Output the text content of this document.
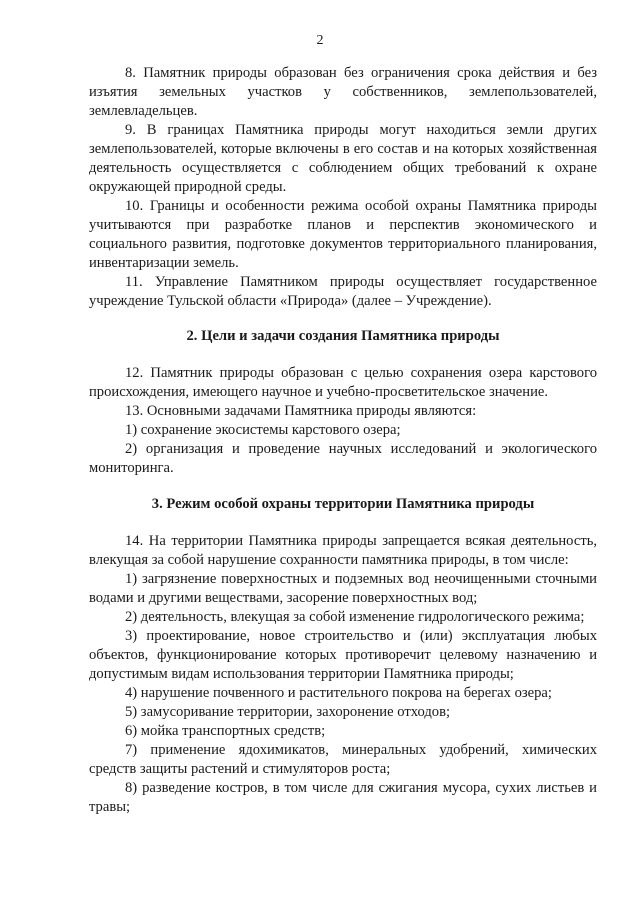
2

8. Памятник природы образован без ограничения срока действия и без изъятия земельных участков у собственников, землепользователей, землевладельцев.

9. В границах Памятника природы могут находиться земли других землепользователей, которые включены в его состав и на которых хозяйственная деятельность осуществляется с соблюдением общих требований к охране окружающей природной среды.

10. Границы и особенности режима особой охраны Памятника природы учитываются при разработке планов и перспектив экономического и социального развития, подготовке документов территориального планирования, инвентаризации земель.

11. Управление Памятником природы осуществляет государственное учреждение Тульской области «Природа» (далее – Учреждение).

2. Цели и задачи создания Памятника природы

12. Памятник природы образован с целью сохранения озера карстового происхождения, имеющего научное и учебно-просветительское значение.

13. Основными задачами Памятника природы являются:

1) сохранение экосистемы карстового озера;

2) организация и проведение научных исследований и экологического мониторинга.

3. Режим особой охраны территории Памятника природы

14. На территории Памятника природы запрещается всякая деятельность, влекущая за собой нарушение сохранности памятника природы, в том числе:

1) загрязнение поверхностных и подземных вод неочищенными сточными водами и другими веществами, засорение поверхностных вод;

2) деятельность, влекущая за собой изменение гидрологического режима;

3) проектирование, новое строительство и (или) эксплуатация любых объектов, функционирование которых противоречит целевому назначению и допустимым видам использования территории Памятника природы;

4) нарушение почвенного и растительного покрова на берегах озера;

5) замусоривание территории, захоронение отходов;

6) мойка транспортных средств;

7) применение ядохимикатов, минеральных удобрений, химических средств защиты растений и стимуляторов роста;

8) разведение костров, в том числе для сжигания мусора, сухих листьев и травы;
